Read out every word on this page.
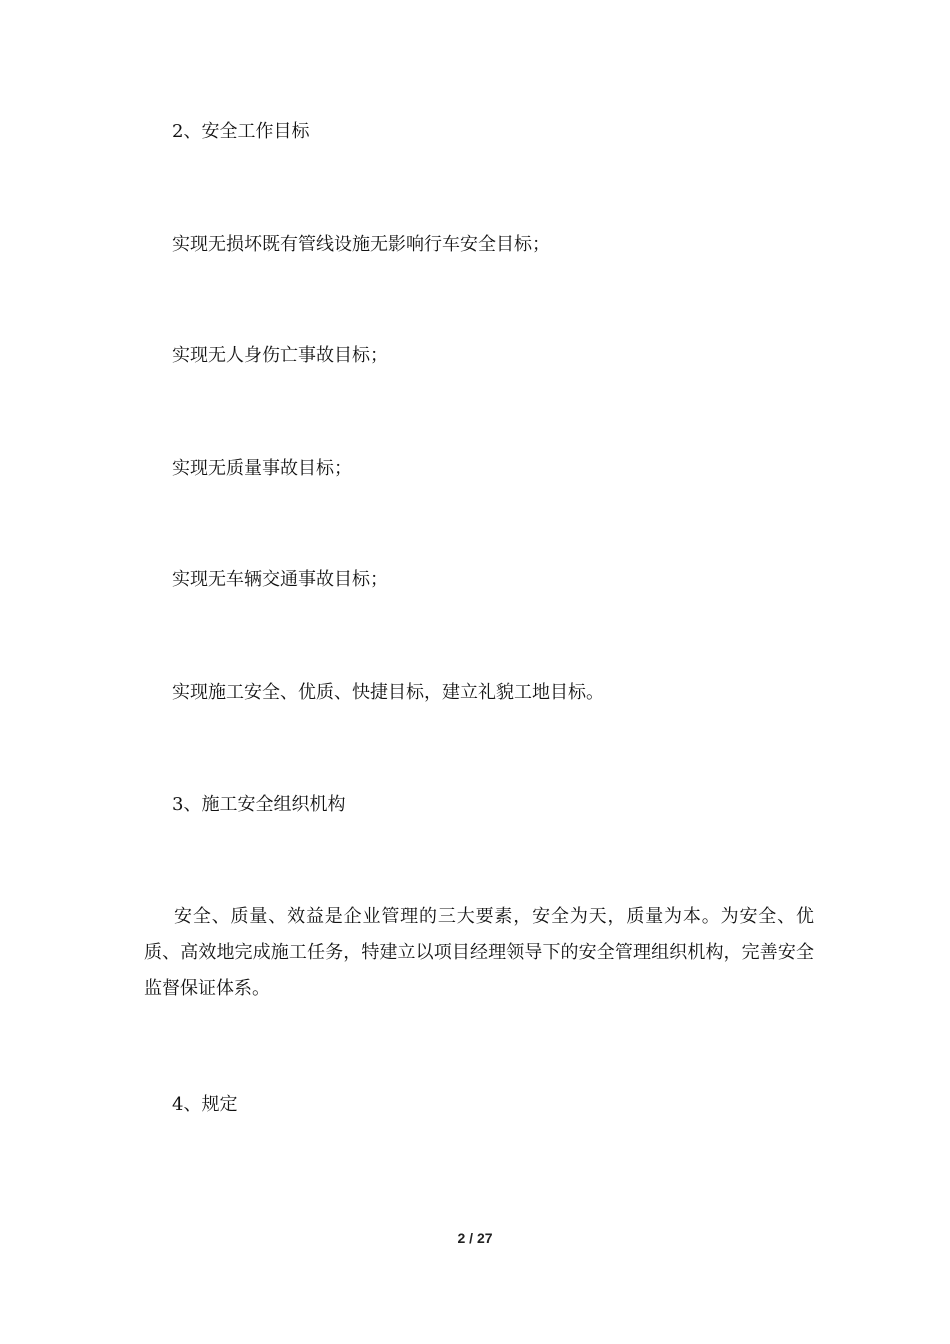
2、安全工作目标

实现无损坏既有管线设施无影响行车安全目标；

实现无人身伤亡事故目标；

实现无质量事故目标；

实现无车辆交通事故目标；

实现施工安全、优质、快捷目标，建立礼貌工地目标。

3、施工安全组织机构

安全、质量、效益是企业管理的三大要素，安全为天，质量为本。为安全、优质、高效地完成施工任务，特建立以项目经理领导下的安全管理组织机构，完善安全监督保证体系。

4、规定

2 / 27
